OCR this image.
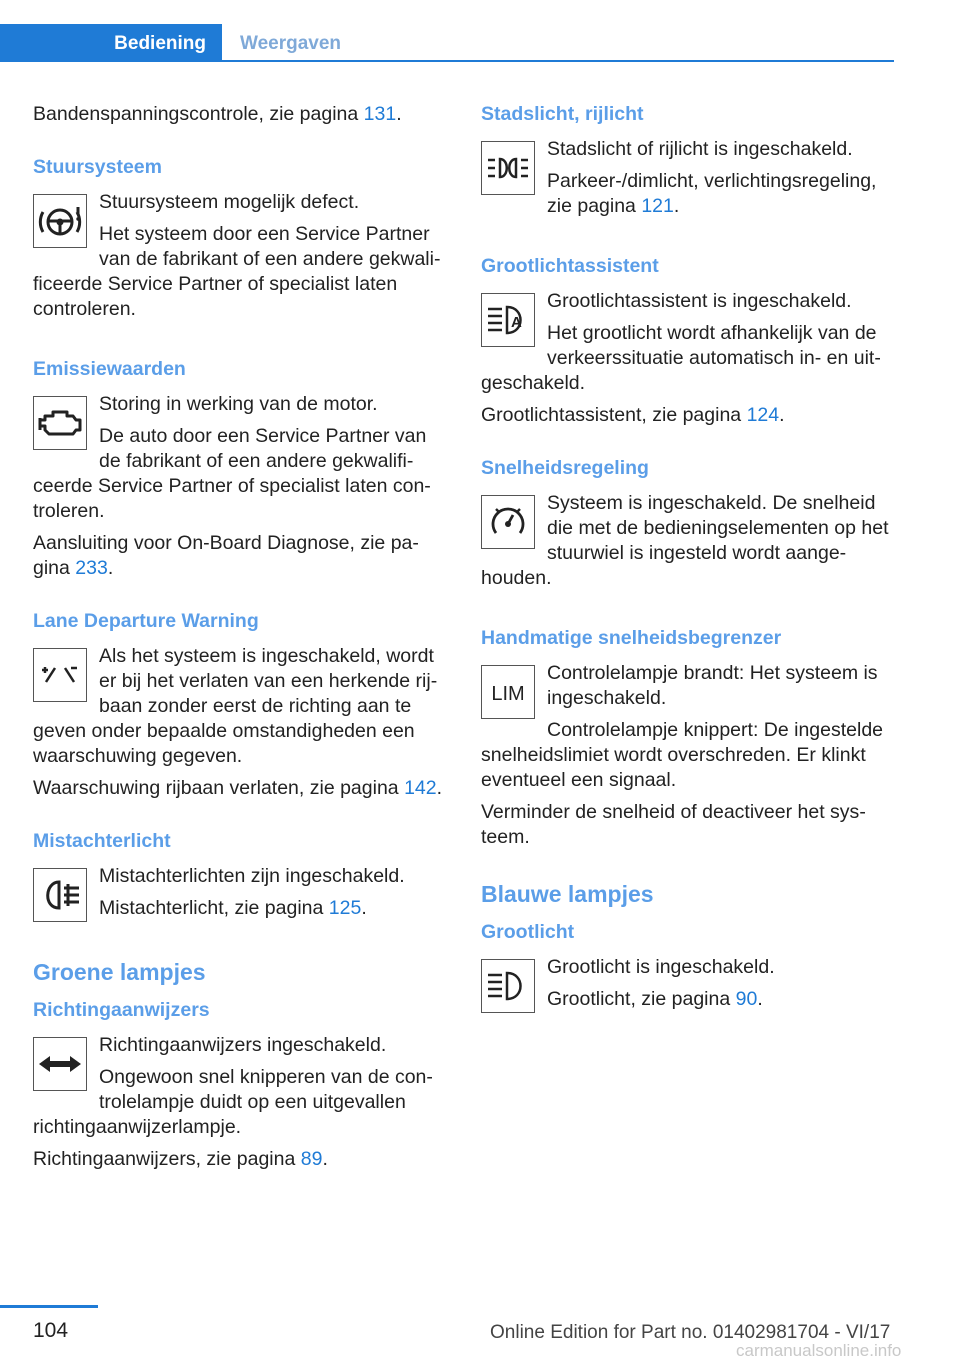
Bediening	Weergaven

Bandenspanningscontrole, zie pagina 131.

Stuursysteem

Stuursysteem mogelijk defect.

Het systeem door een Service Partner van de fabrikant of een andere gekwalificeerde Service Partner of specialist laten controleren.

Emissiewaarden

Storing in werking van de motor.

De auto door een Service Partner van de fabrikant of een andere gekwalificeerde Service Partner of specialist laten controleren.

Aansluiting voor On-Board Diagnose, zie pagina 233.

Lane Departure Warning

Als het systeem is ingeschakeld, wordt er bij het verlaten van een herkende rijbaan zonder eerst de richting aan te geven onder bepaalde omstandigheden een waarschuwing gegeven.

Waarschuwing rijbaan verlaten, zie pagina 142.

Mistachterlicht

Mistachterlichten zijn ingeschakeld.

Mistachterlicht, zie pagina 125.

Groene lampjes
Richtingaanwijzers

Richtingaanwijzers ingeschakeld.

Ongewoon snel knipperen van de controlelampje duidt op een uitgevallen richtingaanwijzerlampje.

Richtingaanwijzers, zie pagina 89.

Stadslicht, rijlicht

Stadslicht of rijlicht is ingeschakeld.

Parkeer-/dimlicht, verlichtingsregeling, zie pagina 121.

Grootlichtassistent
A

Grootlichtassistent is ingeschakeld.

Het grootlicht wordt afhankelijk van de verkeerssituatie automatisch in- en uitgeschakeld.

Grootlichtassistent, zie pagina 124.

Snelheidsregeling

Systeem is ingeschakeld. De snelheid die met de bedieningselementen op het stuurwiel is ingesteld wordt aangehouden.

Handmatige snelheidsbegrenzer
LIM

Controlelampje brandt: Het systeem is ingeschakeld.

Controlelampje knippert: De ingestelde snelheidslimiet wordt overschreden. Er klinkt eventueel een signaal.

Verminder de snelheid of deactiveer het systeem.

Blauwe lampjes
Grootlicht

Grootlicht is ingeschakeld.

Grootlicht, zie pagina 90.

104	Online Edition for Part no. 01402981704 - VI/17
carmanualsonline.info
